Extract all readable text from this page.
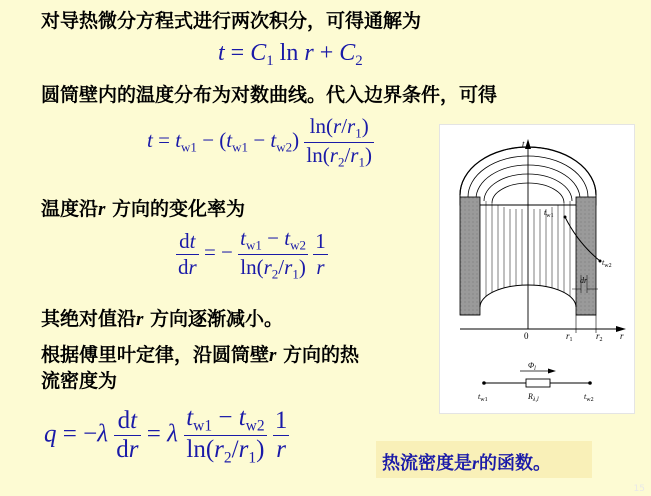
对导热微分方程式进行两次积分，可得通解为
$t = C_1$ $\ln r + C_2$
圆筒壁内的温度分布为对数曲线。代入边界条件，可得
$t = t_{w1} - (t_{w1} - t_{w2}) \frac{\ln(r/r_1)}{\ln(r_2/r_1)}$
温度沿r 方向的变化率为
$\frac{dt}{dr}$ = − $\frac{t_{w1} - t_{w2}}{\ln(r_2/r_1)}$
$\frac{1}{r}$
其绝对值沿r 方向逐渐减小。
根据傅里叶定律，沿圆筒壁r 方向的热
流密度为
$q = -\lambda \frac{dt}{dr} = \lambda \frac{t_{w1} - t_{w2}}{\ln(r_2/r_1)}$
$\frac{1}{r}$	热流密度是r的函数。
t
r
0	$r_1$	$r_2$
$t_{w1}$
$t_{w2}$
dr
$\Phi_l$
$R_{\lambda,l}$
$t_{w1}$	$t_{w2}$
15
